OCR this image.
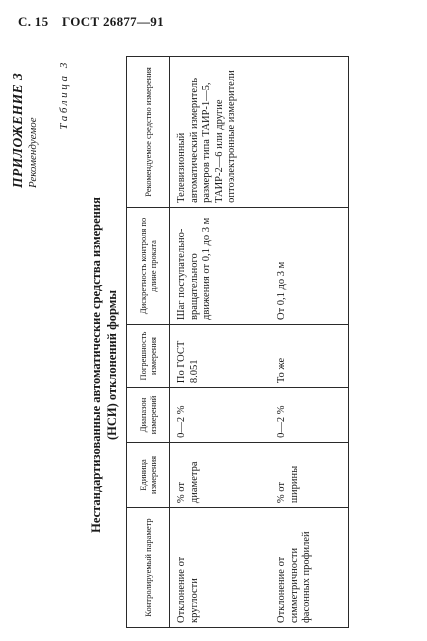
С. 15 ГОСТ 26877—91
ПРИЛОЖЕНИЕ 3 Рекомендуемое
Таблица 3
Нестандартизованные автоматические средства измерения (НСИ) отклонений формы
Контролируемый параметр	Единица измерения	Диапазон измерений	Погрешность измерения	Дискретность контроля по длине проката	Рекомендуемое средство измерения
Отклонение от круглости	% от диаметра	0—2 %	По ГОСТ 8.051	Шаг поступательно-вращательного движения от 0,1 до 3 м	Телевизионный автоматический измеритель размеров типа ТАИР-1—5, ТАИР-2—6 или другие оптоэлектронные измерители
Отклонение от симметричности фасонных профилей	% от ширины	0—2 %	То же	От 0,1 до 3 м	
